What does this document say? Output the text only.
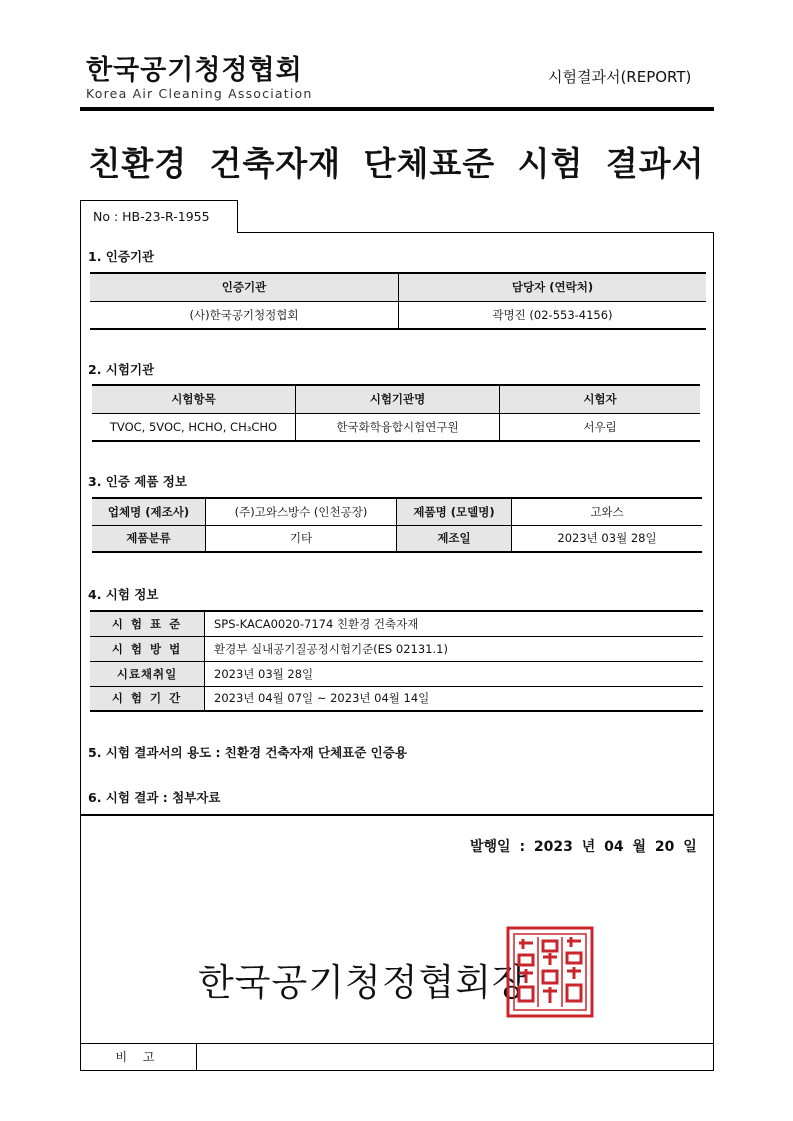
한국공기청정협회
Korea Air Cleaning Association
시험결과서(REPORT)
친환경 건축자재 단체표준 시험 결과서
No : HB-23-R-1955
1. 인증기관
인증기관	담당자 (연락처)
(사)한국공기청정협회	곽명진 (02-553-4156)
2. 시험기관
시험항목	시험기관명	시험자
TVOC, 5VOC, HCHO, CH₃CHO	한국화학융합시험연구원	서우림
3. 인증 제품 정보
업체명 (제조사)	(주)고와스방수 (인천공장)	제품명 (모델명)	고와스
제품분류	기타	제조일	2023년 03월 28일
4. 시험 정보
시 험 표 준	SPS-KACA0020-7174 친환경 건축자재
시 험 방 법	환경부 실내공기질공정시험기준(ES 02131.1)
시료채취일	2023년 03월 28일
시 험 기 간	2023년 04월 07일 ~ 2023년 04월 14일
5. 시험 결과서의 용도 : 친환경 건축자재 단체표준 인증용
6. 시험 결과 : 첨부자료
발행일 : 2023 년 04 월 20 일
한국공기청정협회장
비 고
